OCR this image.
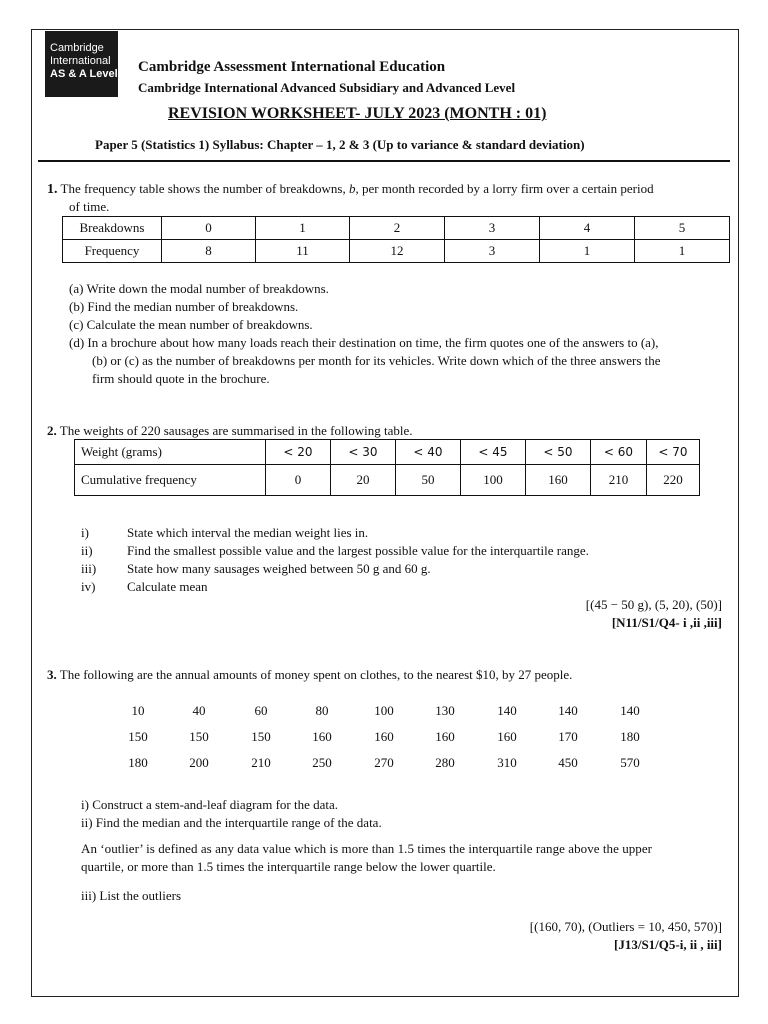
Cambridge
International
AS & A Level Cambridge Assessment International Education
Cambridge International Advanced Subsidiary and Advanced Level
REVISION WORKSHEET- JULY 2023 (MONTH : 01)
Paper 5 (Statistics 1) Syllabus: Chapter – 1, 2 & 3 (Up to variance & standard deviation)
1. The frequency table shows the number of breakdowns, b, per month recorded by a lorry firm over a certain period
of time.
Breakdowns	0	1	2	3	4	5
Frequency	8	11	12	3	1	1
(a) Write down the modal number of breakdowns.
(b) Find the median number of breakdowns.
(c) Calculate the mean number of breakdowns.
(d) In a brochure about how many loads reach their destination on time, the firm quotes one of the answers to (a),
(b) or (c) as the number of breakdowns per month for its vehicles. Write down which of the three answers the
firm should quote in the brochure.
2. The weights of 220 sausages are summarised in the following table.
Weight (grams)	< 20	< 30	< 40	< 45	< 50	< 60	< 70
Cumulative frequency	0	20	50	100	160	210	220
i)	State which interval the median weight lies in.
ii)	Find the smallest possible value and the largest possible value for the interquartile range.
iii) State how many sausages weighed between 50 g and 60 g.
iv) Calculate mean
[(45 − 50 g), (5, 20), (50)]
[N11/S1/Q4- i ,ii ,iii]
3. The following are the annual amounts of money spent on clothes, to the nearest $10, by 27 people.
10	40	60	80	100	130	140	140	140
150	150	150	160	160	160	160	170	180
180	200	210	250	270	280	310	450	570
i) Construct a stem-and-leaf diagram for the data.
ii) Find the median and the interquartile range of the data.
An ‘outlier’ is defined as any data value which is more than 1.5 times the interquartile range above the upper
quartile, or more than 1.5 times the interquartile range below the lower quartile.
iii) List the outliers
[(160, 70), (Outliers = 10, 450, 570)]
[J13/S1/Q5-i, ii , iii]
